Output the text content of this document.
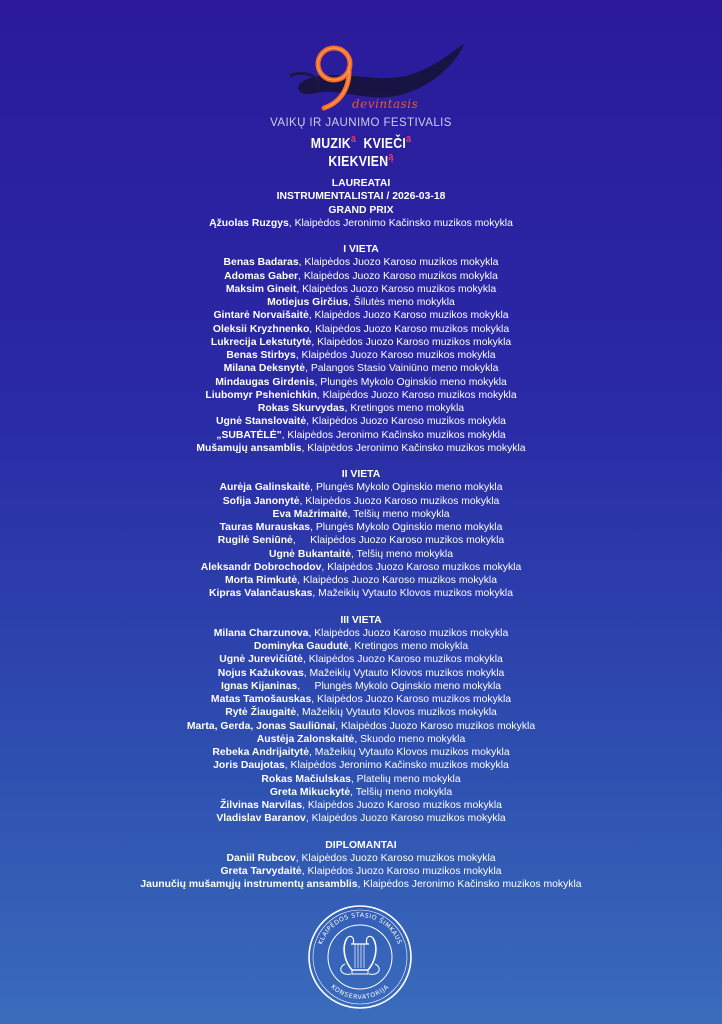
devintasis
VAIKŲ IR JAUNIMO FESTIVALIS
MUZIK$^a$ KVIEČI$^a$
$KIEKVIEN^ą$
LAUREATAI
INSTRUMENTALISTAI / 2026-03-18
GRAND PRIX
Ąžuolas Ruzgys, Klaipėdos Jeronimo Kačinsko muzikos mokykla
I VIETA
Benas Badaras, Klaipėdos Juozo Karoso muzikos mokykla
Adomas Gaber, Klaipėdos Juozo Karoso muzikos mokykla
Maksim Gineit, Klaipėdos Juozo Karoso muzikos mokykla
Motiejus Girčius, Šilutės meno mokykla
Gintarė Norvaišaitė, Klaipėdos Juozo Karoso muzikos mokykla
Oleksii Kryzhnenko, Klaipėdos Juozo Karoso muzikos mokykla
Lukrecija Lekstutytė, Klaipėdos Juozo Karoso muzikos mokykla
Benas Stirbys, Klaipėdos Juozo Karoso muzikos mokykla
Milana Deksnytė, Palangos Stasio Vainiūno meno mokykla
Mindaugas Girdenis, Plungės Mykolo Oginskio meno mokykla
Liubomyr Pshenichkin, Klaipėdos Juozo Karoso muzikos mokykla
Rokas Skurvydas, Kretingos meno mokykla
Ugnė Stanslovaitė, Klaipėdos Juozo Karoso muzikos mokykla
„SUBATĖLĖ", Klaipėdos Jeronimo Kačinsko muzikos mokykla
Mušamųjų ansamblis, Klaipėdos Jeronimo Kačinsko muzikos mokykla
II VIETA
Aurėja Galinskaitė, Plungės Mykolo Oginskio meno mokykla
Sofija Janonytė, Klaipėdos Juozo Karoso muzikos mokykla
Eva Mažrimaitė, Telšių meno mokykla
Tauras Murauskas, Plungės Mykolo Oginskio meno mokykla
Rugilė Seniūnė,     Klaipėdos Juozo Karoso muzikos mokykla
Ugnė Bukantaitė, Telšių meno mokykla
Aleksandr Dobrochodov, Klaipėdos Juozo Karoso muzikos mokykla
Morta Rimkutė, Klaipėdos Juozo Karoso muzikos mokykla
Kipras Valančauskas, Mažeikių Vytauto Klovos muzikos mokykla
III VIETA
Milana Charzunova, Klaipėdos Juozo Karoso muzikos mokykla
Dominyka Gaudutė, Kretingos meno mokykla
Ugnė Jurevičiūtė, Klaipėdos Juozo Karoso muzikos mokykla
Nojus Kažukovas, Mažeikių Vytauto Klovos muzikos mokykla
Ignas Kijaninas,     Plungės Mykolo Oginskio meno mokykla
Matas Tamošauskas, Klaipėdos Juozo Karoso muzikos mokykla
Rytė Žiaugaitė, Mažeikių Vytauto Klovos muzikos mokykla
Marta, Gerda, Jonas Sauliūnai, Klaipėdos Juozo Karoso muzikos mokykla
Austėja Zalonskaitė, Skuodo meno mokykla
Rebeka Andrijaitytė, Mažeikių Vytauto Klovos muzikos mokykla
Joris Daujotas, Klaipėdos Jeronimo Kačinsko muzikos mokykla
Rokas Mačiulskas, Platelių meno mokykla
Greta Mikuckytė, Telšių meno mokykla
Žilvinas Narvilas, Klaipėdos Juozo Karoso muzikos mokykla
Vladislav Baranov, Klaipėdos Juozo Karoso muzikos mokykla
DIPLOMANTAI
Daniil Rubcov, Klaipėdos Juozo Karoso muzikos mokykla
Greta Tarvydaitė, Klaipėdos Juozo Karoso muzikos mokykla
Jaunučių mušamųjų instrumentų ansamblis, Klaipėdos Jeronimo Kačinsko muzikos mokykla
KLAIPĖDOS STASIO ŠIMKAUS
KONSERVATORIJA
